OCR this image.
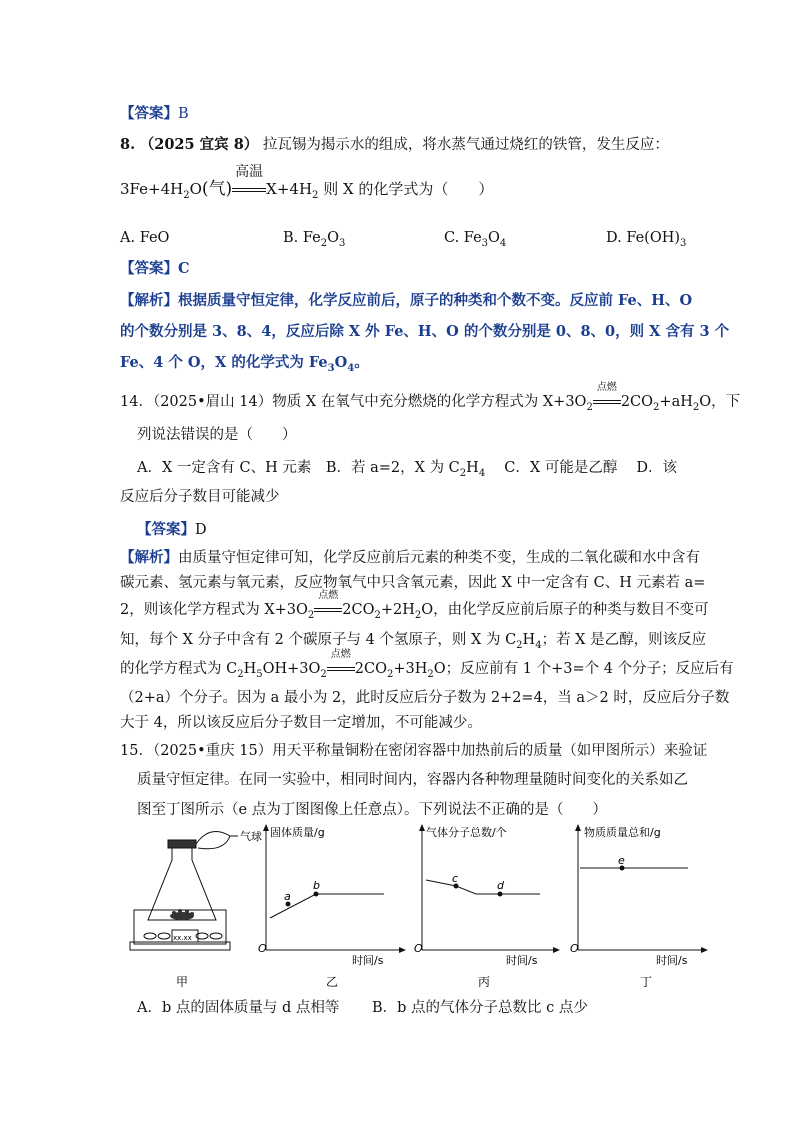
【答案】B
8. （2025 宜宾 8） 拉瓦锡为揭示水的组成，将水蒸气通过烧红的铁管，发生反应：
$3Fe+4H_2O$(气)
高温
$X+4H_2$ 则 X 的化学式为（　　）
A. FeO	B. $Fe_2O_3$	C. $Fe_3O_4$	D. $Fe(OH)_3$
【答案】C
【解析】根据质量守恒定律，化学反应前后，原子的种类和个数不变。反应前 Fe、H、O
的个数分别是 3、8、4，反应后除 X 外 Fe、H、O 的个数分别是 0、8、0，则 X 含有 3 个
Fe、4 个 O，X 的化学式为 $Fe_3O_4$。
14．（2025•眉山 14）物质 X 在氧气中充分燃烧的化学方程式为 $X+3O_2$
点燃
$2CO_2+aH_2O$，下
列说法错误的是（　　）
A．X 一定含有 C、H 元素　B．若 a=2，X 为 $C_2H_4$　 C．X 可能是乙醇　 D．该
反应后分子数目可能减少
【答案】D
【解析】由质量守恒定律可知，化学反应前后元素的种类不变，生成的二氧化碳和水中含有
碳元素、氢元素与氧元素，反应物氧气中只含氧元素，因此 X 中一定含有 C、H 元素若 a=
2，则该化学方程式为 $X+3O_2$
点燃
$2CO_2+2H_2O$，由化学反应前后原子的种类与数目不变可
知，每个 X 分子中含有 2 个碳原子与 4 个氢原子，则 X 为 $C_2H_4$；若 X 是乙醇，则该反应
的化学方程式为 $C_2H_5OH+3O_2$
点燃
$2CO_2+3H_2O$；反应前有 1 个+3=个 4 个分子；反应后有
（2+a）个分子。因为 a 最小为 2，此时反应后分子数为 2+2=4，当 a＞2 时，反应后分子数
大于 4，所以该反应后分子数目一定增加，不可能减少。
15．（2025•重庆 15）用天平称量铜粉在密闭容器中加热前后的质量（如甲图所示）来验证
质量守恒定律。在同一实验中，相同时间内，容器内各种物理量随时间变化的关系如乙
图至丁图所示（e 点为丁图图像上任意点）。下列说法不正确的是（　　）
气球
xx.xx
a
b
固体质量/g
时间/s
O
c
d
气体分子总数/个
时间/s
O
e
物质质量总和/g
时间/s
O
甲	乙	丙	丁
A．b 点的固体质量与 d 点相等 B．b 点的气体分子总数比 c 点少
